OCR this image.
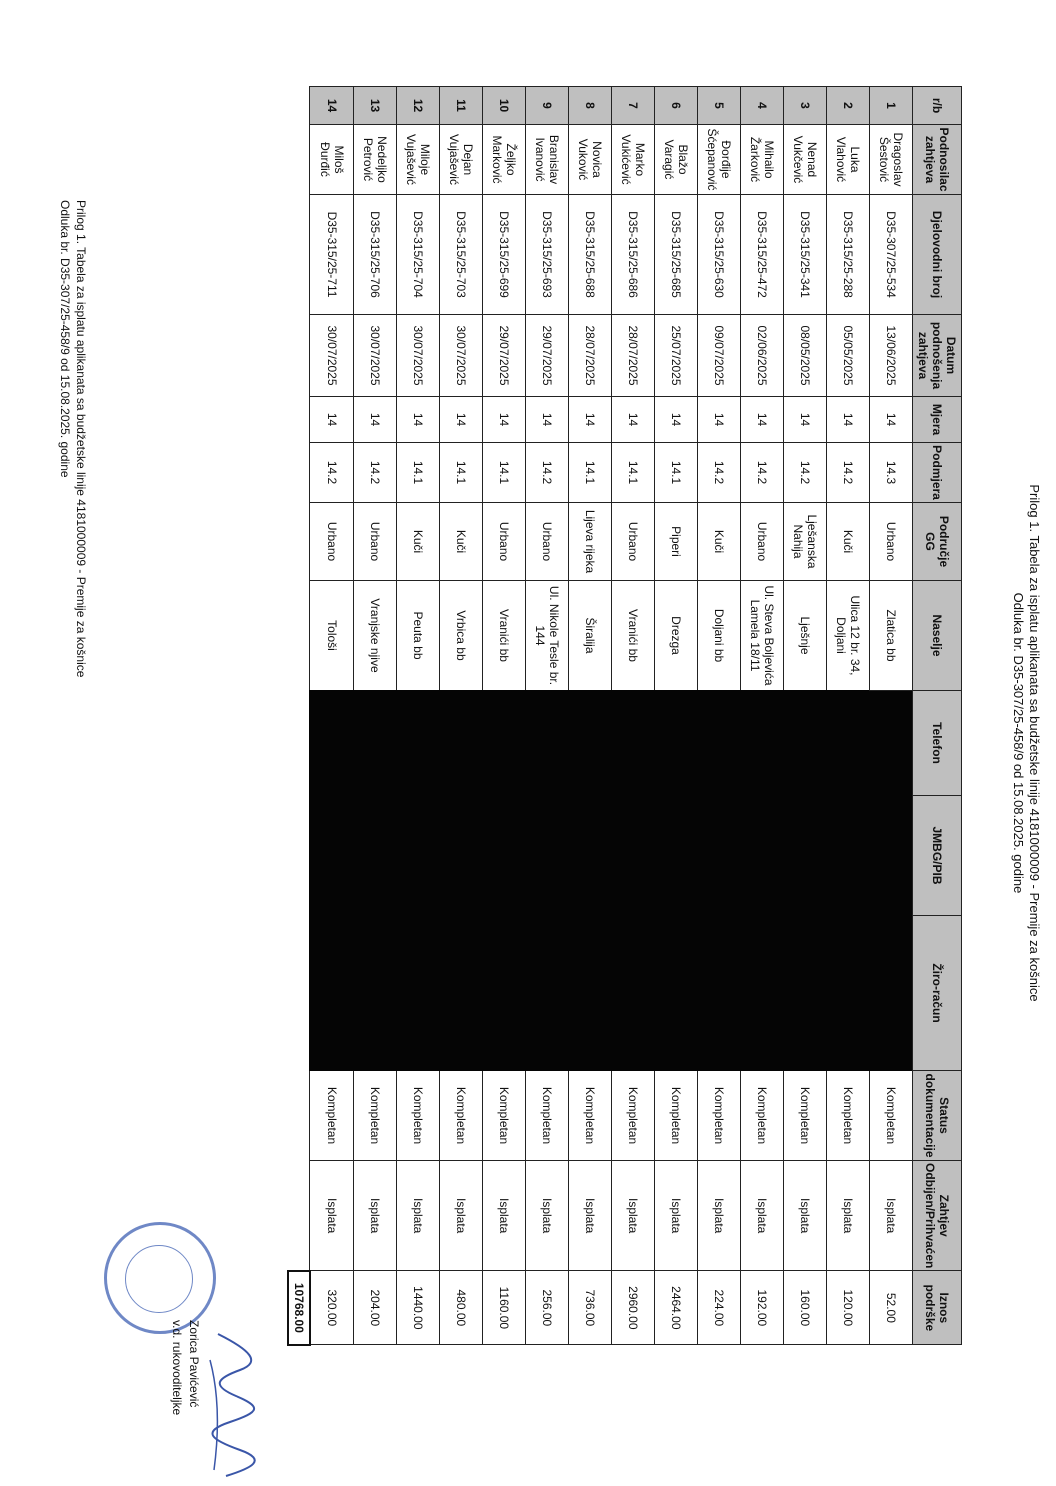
Prilog 1. Tabela za isplatu aplikanata sa budžetske linije 4181000009 - Premije za košnice
Odluka br. D35-307/25-458/9 od 15.08.2025. godine
r/b	Podnosilac zahtjeva	Djelovodni broj	Datum podnošenja zahtjeva	Mjera	Podmjera	Područje GG	Naselje	Telefon	JMBG/PIB	Žiro-račun	Status dokumentacije	Zahtjev Odbijen/Prihvaćen	Iznos podrške
1	Dragoslav Šestović	D35-307/25-534	13/06/2025	14	14.3	Urbano	Zlatica bb				Kompletan	Isplata	52.00
2	Luka Vlahović	D35-315/25-288	05/05/2025	14	14.2	Kuči	Ulica 12 br. 34, Doljani				Kompletan	Isplata	120.00
3	Nenad Vukčević	D35-315/25-341	08/05/2025	14	14.2	Lješanska Nahija	Lješnje				Kompletan	Isplata	160.00
4	Mihailo Žarković	D35-315/25-472	02/06/2025	14	14.2	Urbano	Ul. Steva Boljevića Lamela 18/11				Kompletan	Isplata	192.00
5	Đorđije Šćepanović	D35-315/25-630	09/07/2025	14	14.2	Kuči	Doljani bb				Kompletan	Isplata	224.00
6	Blažo Varagić	D35-315/25-685	25/07/2025	14	14.1	Piperi	Drezga				Kompletan	Isplata	2464.00
7	Marko Vukićević	D35-315/25-686	28/07/2025	14	14.1	Urbano	Vranići bb				Kompletan	Isplata	2960.00
8	Novica Vuković	D35-315/25-688	28/07/2025	14	14.1	Lijeva rijeka	Širalija				Kompletan	Isplata	736.00
9	Branislav Ivanović	D35-315/25-693	29/07/2025	14	14.2	Urbano	Ul. Nikole Tesle br. 144				Kompletan	Isplata	256.00
10	Željko Marković	D35-315/25-699	29/07/2025	14	14.1	Urbano	Vranići bb				Kompletan	Isplata	1160.00
11	Dejan Vujašević	D35-315/25-703	30/07/2025	14	14.1	Kuči	Vrbica bb				Kompletan	Isplata	480.00
12	Miloje Vujašević	D35-315/25-704	30/07/2025	14	14.1	Kuči	Peuta bb				Kompletan	Isplata	1440.00
13	Nedeljko Petrović	D35-315/25-706	30/07/2025	14	14.2	Urbano	Vranjske njive				Kompletan	Isplata	204.00
14	Miloš Đurđić	D35-315/25-711	30/07/2025	14	14.2	Urbano	Tološi				Kompletan	Isplata	320.00
													10768.00
Prilog 1. Tabela za isplatu aplikanata sa budžetske linije 4181000009 - Premije za košnice
Odluka br. D35-307/25-458/9 od 15.08.2025. godine
Zorica Pavićević
v.d. rukovoditeljke
